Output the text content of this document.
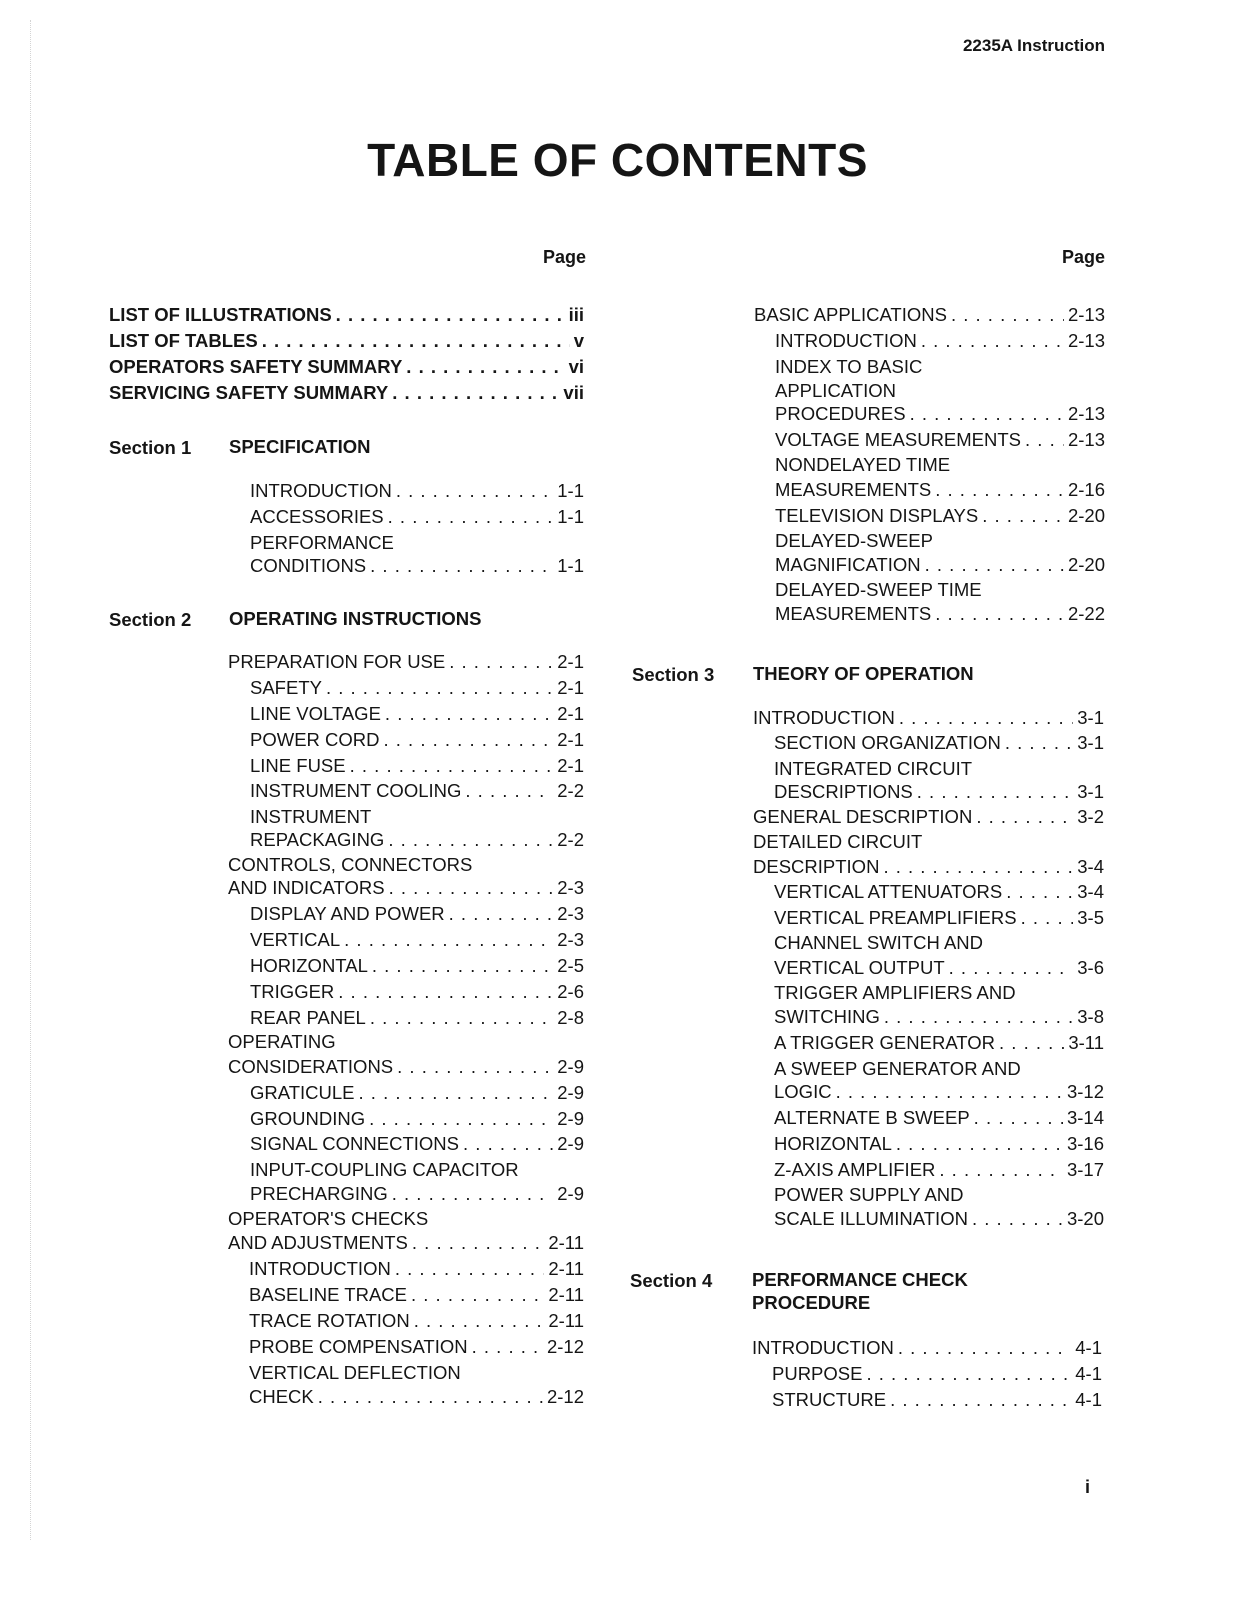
2235A Instruction
TABLE OF CONTENTS
Page	Page
LIST OF ILLUSTRATIONS . . .	iii
LIST OF TABLES . . .	v
OPERATORS SAFETY SUMMARY . . .	vi
SERVICING SAFETY SUMMARY . . .	vii
Section 1 SPECIFICATION
INTRODUCTION . . .	1-1
ACCESSORIES . . .	1-1
PERFORMANCE
CONDITIONS . . .	1-1
Section 2 OPERATING INSTRUCTIONS
PREPARATION FOR USE . . .	2-1
SAFETY . . .	2-1
LINE VOLTAGE . . .	2-1
POWER CORD . . .	2-1
LINE FUSE . . .	2-1
INSTRUMENT COOLING . . .	2-2
INSTRUMENT
REPACKAGING . . .	2-2
CONTROLS, CONNECTORS
AND INDICATORS . . .	2-3
DISPLAY AND POWER . . .	2-3
VERTICAL . . .	2-3
HORIZONTAL . . .	2-5
TRIGGER . . .	2-6
REAR PANEL . . .	2-8
OPERATING
CONSIDERATIONS . . .	2-9
GRATICULE . . .	2-9
GROUNDING . . .	2-9
SIGNAL CONNECTIONS . . .	2-9
INPUT-COUPLING CAPACITOR
PRECHARGING . . .	2-9
OPERATOR'S CHECKS
AND ADJUSTMENTS . . .	2-11
INTRODUCTION . . .	2-11
BASELINE TRACE . . .	2-11
TRACE ROTATION . . .	2-11
PROBE COMPENSATION . . .	2-12
VERTICAL DEFLECTION
CHECK . . .	2-12
BASIC APPLICATIONS . . .	2-13
INTRODUCTION . . .	2-13
INDEX TO BASIC
APPLICATION
PROCEDURES . . .	2-13
VOLTAGE MEASUREMENTS . . .	2-13
NONDELAYED TIME
MEASUREMENTS . . .	2-16
TELEVISION DISPLAYS . . .	2-20
DELAYED-SWEEP
MAGNIFICATION . . .	2-20
DELAYED-SWEEP TIME
MEASUREMENTS . . .	2-22
Section 3 THEORY OF OPERATION
INTRODUCTION . . .	3-1
SECTION ORGANIZATION . . .	3-1
INTEGRATED CIRCUIT
DESCRIPTIONS . . .	3-1
GENERAL DESCRIPTION . . .	3-2
DETAILED CIRCUIT
DESCRIPTION . . .	3-4
VERTICAL ATTENUATORS . . .	3-4
VERTICAL PREAMPLIFIERS . . .	3-5
CHANNEL SWITCH AND
VERTICAL OUTPUT . . .	3-6
TRIGGER AMPLIFIERS AND
SWITCHING . . .	3-8
A TRIGGER GENERATOR . . .	3-11
A SWEEP GENERATOR AND
LOGIC . . .	3-12
ALTERNATE B SWEEP . . .	3-14
HORIZONTAL . . .	3-16
Z-AXIS AMPLIFIER . . .	3-17
POWER SUPPLY AND
SCALE ILLUMINATION . . .	3-20
Section 4 PERFORMANCE CHECK
PROCEDURE
INTRODUCTION . . .	4-1
PURPOSE . . .	4-1
STRUCTURE . . .	4-1
i
